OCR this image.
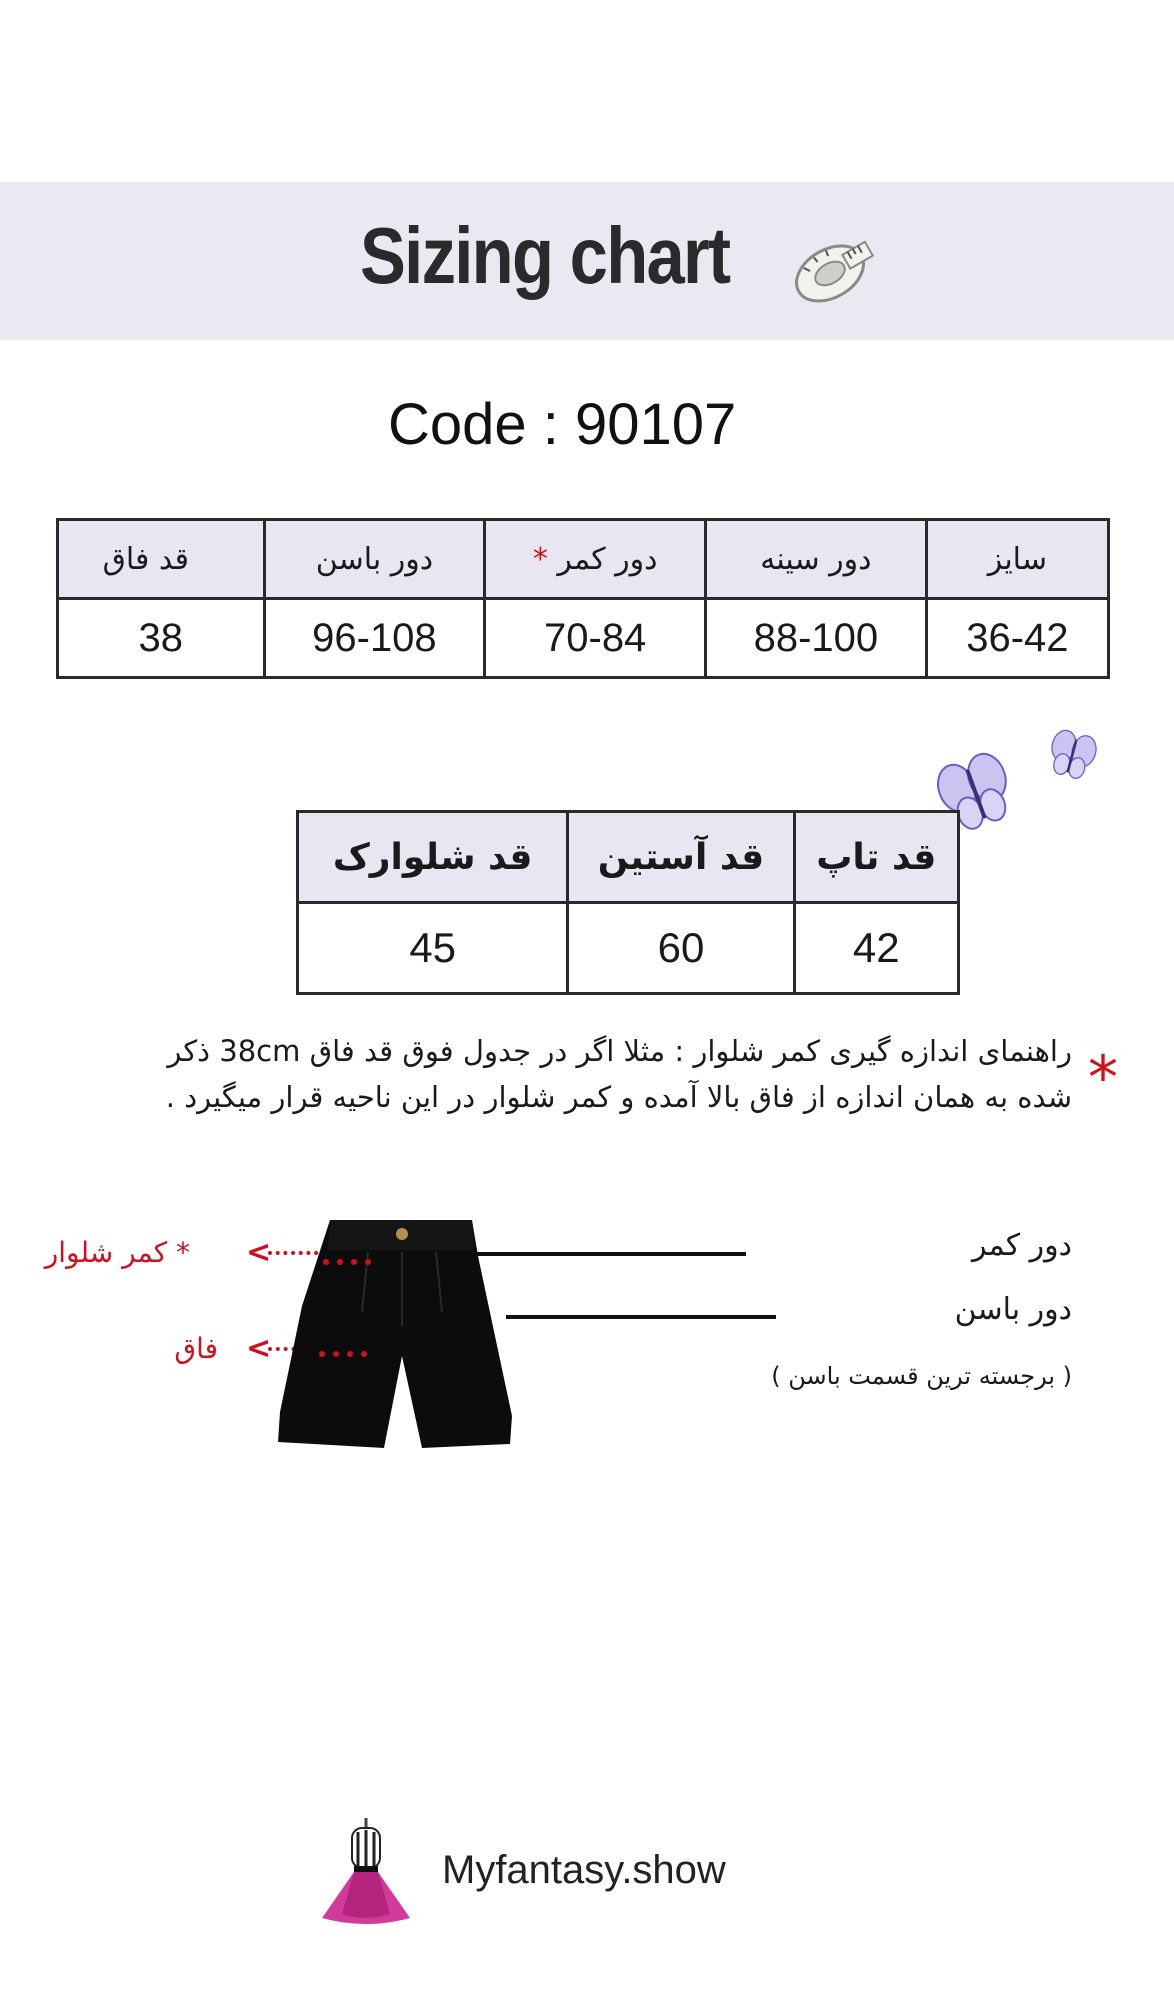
Sizing chart
Code : 90107
قد فاق	دور باسن	* دور کمر	دور سینه	سایز
38	96-108	70-84	88-100	36-42
قد شلوارک	قد آستین	قد تاپ
45	60	42
*
راهنمای اندازه گیری کمر شلوار : مثلا اگر در جدول فوق قد فاق 38cm ذکر
شده به همان اندازه از فاق بالا آمده و کمر شلوار در این ناحیه قرار میگیرد .
* کمر شلوار <
فاق <
دور کمر
دور باسن
( برجسته ترین قسمت باسن )
Myfantasy.show
